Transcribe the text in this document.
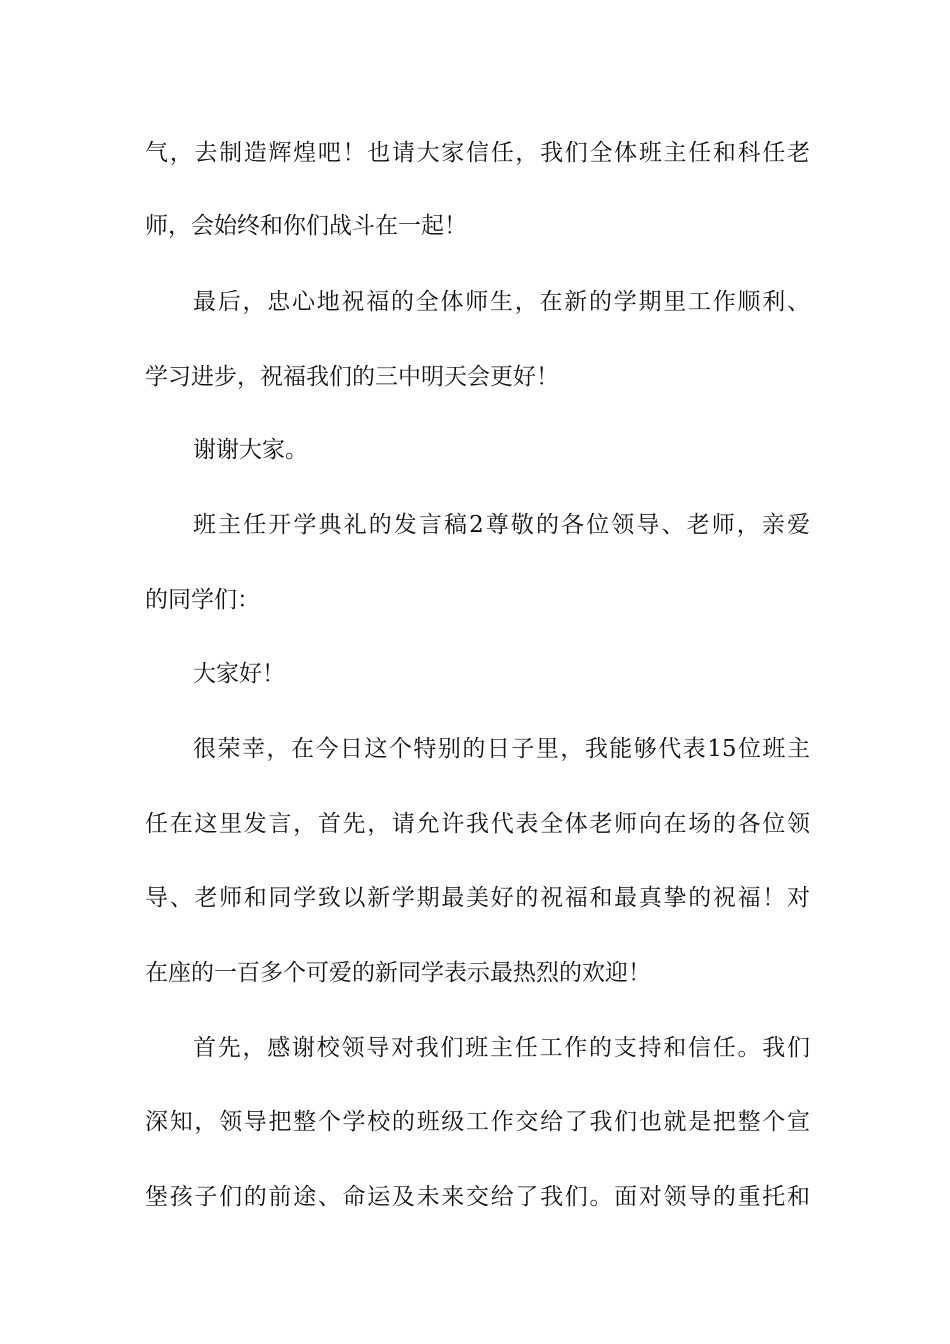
气，去制造辉煌吧！也请大家信任，我们全体班主任和科任老
师，会始终和你们战斗在一起！
最后，忠心地祝福的全体师生，在新的学期里工作顺利、
学习进步，祝福我们的三中明天会更好！
谢谢大家。
班主任开学典礼的发言稿2尊敬的各位领导、老师，亲爱
的同学们：
大家好！
很荣幸，在今日这个特别的日子里，我能够代表15位班主
任在这里发言，首先，请允许我代表全体老师向在场的各位领
导、老师和同学致以新学期最美好的祝福和最真挚的祝福！对
在座的一百多个可爱的新同学表示最热烈的欢迎！
首先，感谢校领导对我们班主任工作的支持和信任。我们
深知，领导把整个学校的班级工作交给了我们也就是把整个宣
堡孩子们的前途、命运及未来交给了我们。面对领导的重托和
